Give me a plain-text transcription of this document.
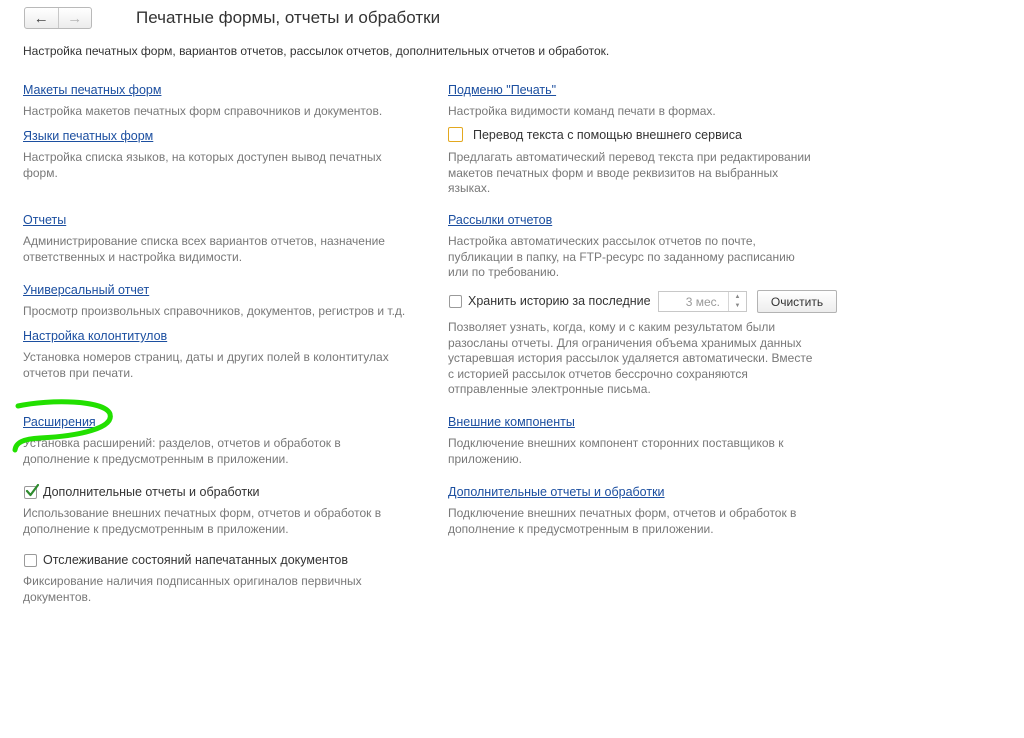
← →	Печатные формы, отчеты и обработки
Настройка печатных форм, вариантов отчетов, рассылок отчетов, дополнительных отчетов и обработок.
Макеты печатных форм
Настройка макетов печатных форм справочников и документов.
Языки печатных форм
Настройка списка языков, на которых доступен вывод печатных
форм.
Отчеты
Администрирование списка всех вариантов отчетов, назначение
ответственных и настройка видимости.
Универсальный отчет
Просмотр произвольных справочников, документов, регистров и т.д.
Настройка колонтитулов
Установка номеров страниц, даты и других полей в колонтитулах
отчетов при печати.
Расширения
Установка расширений: разделов, отчетов и обработок в
дополнение к предусмотренным в приложении.
Дополнительные отчеты и обработки
Использование внешних печатных форм, отчетов и обработок в
дополнение к предусмотренным в приложении.
Отслеживание состояний напечатанных документов
Фиксирование наличия подписанных оригиналов первичных
документов.
Подменю "Печать"
Настройка видимости команд печати в формах.
Перевод текста с помощью внешнего сервиса
Предлагать автоматический перевод текста при редактировании
макетов печатных форм и вводе реквизитов на выбранных
языках.
Рассылки отчетов
Настройка автоматических рассылок отчетов по почте,
публикации в папку, на FTP-ресурс по заданному расписанию
или по требованию.
Хранить историю за последние	3 мес. ▲
▼	Очистить
Позволяет узнать, когда, кому и с каким результатом были
разосланы отчеты. Для ограничения объема хранимых данных
устаревшая история рассылок удаляется автоматически. Вместе
с историей рассылок отчетов бессрочно сохраняются
отправленные электронные письма.
Внешние компоненты
Подключение внешних компонент сторонних поставщиков к
приложению.
Дополнительные отчеты и обработки
Подключение внешних печатных форм, отчетов и обработок в
дополнение к предусмотренным в приложении.
